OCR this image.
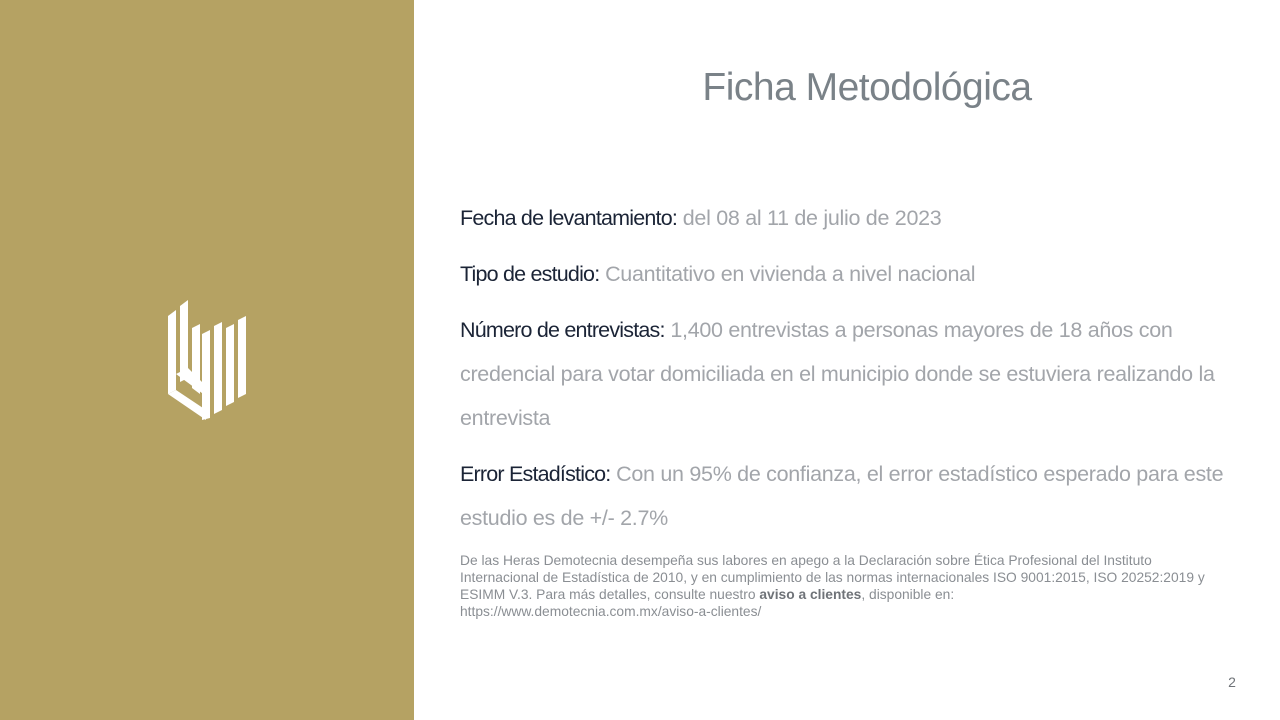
Ficha Metodológica

Fecha de levantamiento: del 08 al 11 de julio de 2023

Tipo de estudio: Cuantitativo en vivienda a nivel nacional

Número de entrevistas: 1,400 entrevistas a personas mayores de 18 años con credencial para votar domiciliada en el municipio donde se estuviera realizando la entrevista

Error Estadístico: Con un 95% de confianza, el error estadístico esperado para este estudio es de +/- 2.7%

De las Heras Demotecnia desempeña sus labores en apego a la Declaración sobre Ética Profesional del Instituto Internacional de Estadística de 2010, y en cumplimiento de las normas internacionales ISO 9001:2015, ISO 20252:2019 y ESIMM V.3. Para más detalles, consulte nuestro aviso a clientes, disponible en:
https://www.demotecnia.com.mx/aviso-a-clientes/
2
